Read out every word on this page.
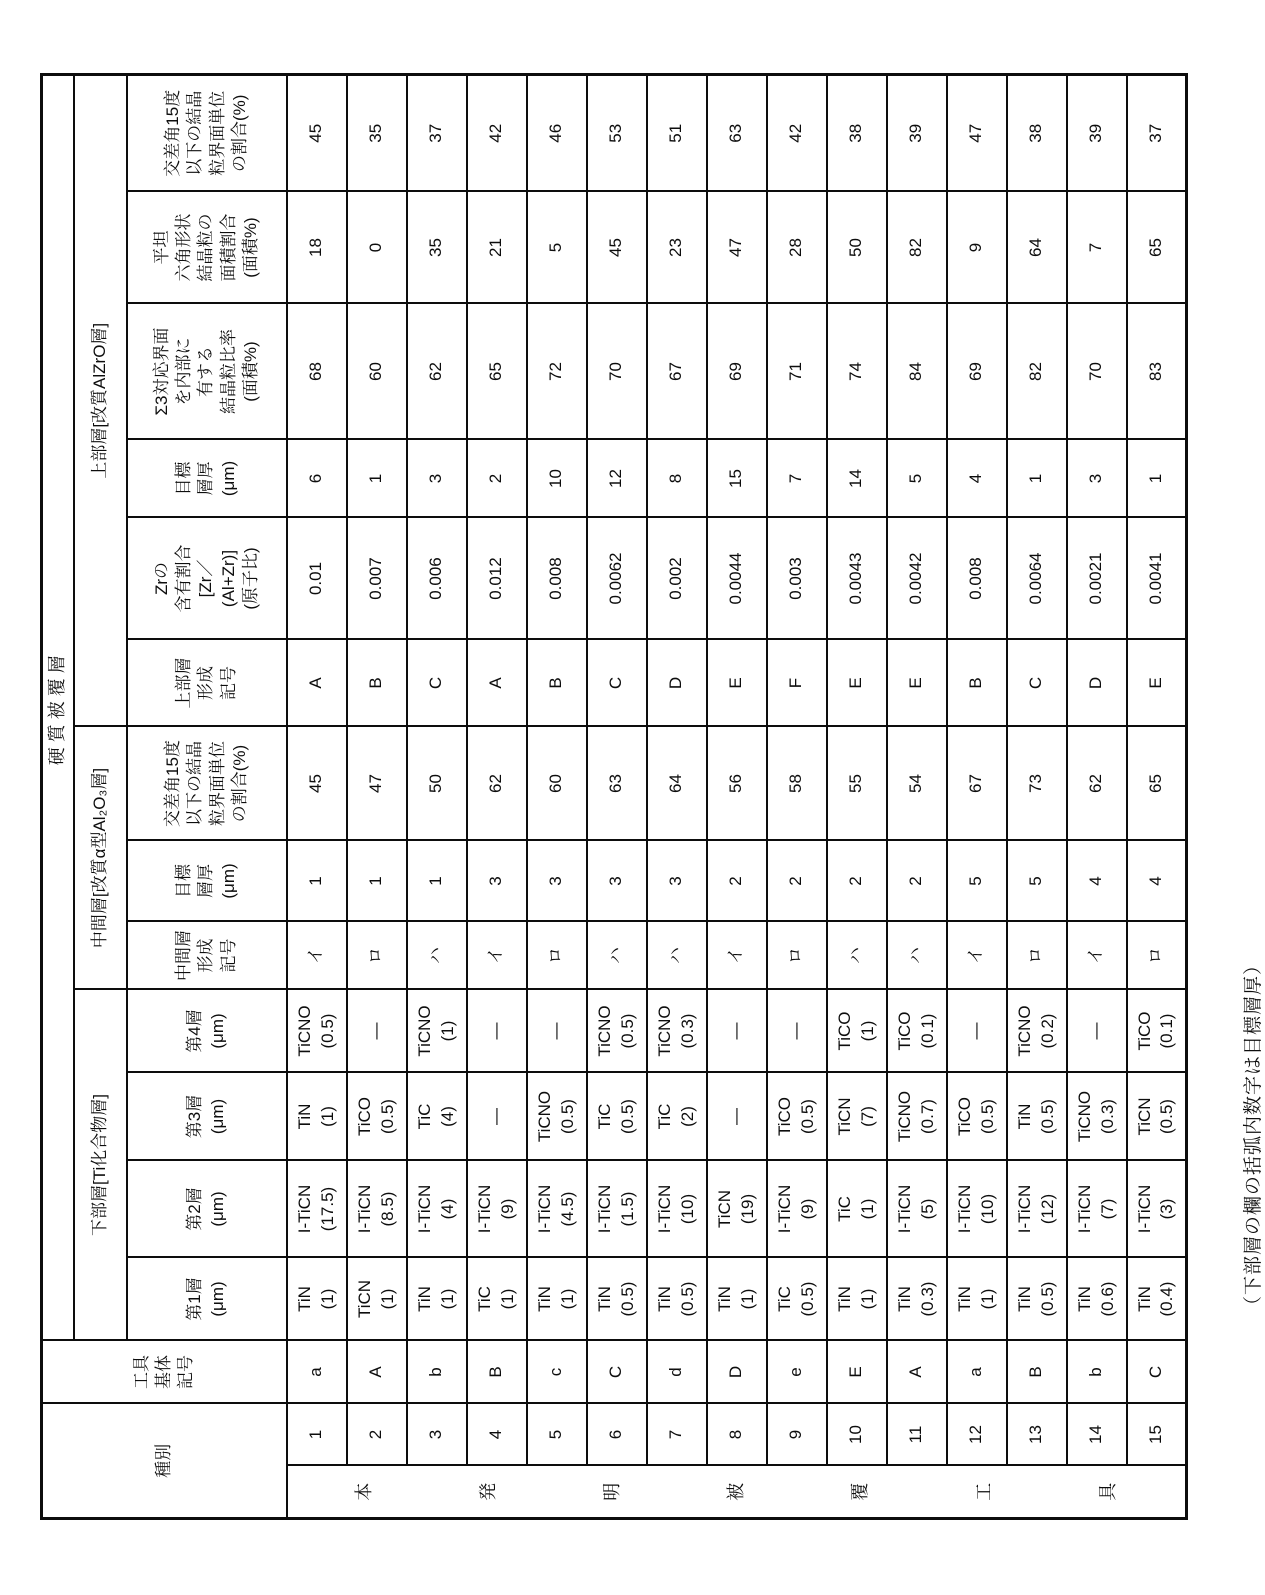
種別		工具
基体
記号	硬質被覆層												
			下部層[Ti化合物層]				中間層[改質α型Al₂O₃層]			上部層[改質AlZrO層]					
			第1層
(μm)	第2層
(μm)	第3層
(μm)	第4層
(μm)	中間層
形成
記号	目標
層厚
(μm)	交差角15度
以下の結晶
粒界面単位
の割合(%)	上部層
形成
記号	Zrの
含有割合
[Zr／
(Al+Zr)]
(原子比)	目標
層厚
(μm)	Σ3対応界面
を内部に
有する
結晶粒比率
(面積%)	平坦
六角形状
結晶粒の
面積割合
(面積%)	交差角15度
以下の結晶
粒界面単位
の割合(%)
本
発
明
被
覆
工
具	1	a	TiN
(1)	I-TiCN
(17.5)	TiN
(1)	TiCNO
(0.5)	イ	1	45	A	0.01	6	68	18	45
	2	A	TiCN
(1)	I-TiCN
(8.5)	TiCO
(0.5)	―	ロ	1	47	B	0.007	1	60	0	35
	3	b	TiN
(1)	I-TiCN
(4)	TiC
(4)	TiCNO
(1)	ハ	1	50	C	0.006	3	62	35	37
	4	B	TiC
(1)	I-TiCN
(9)	―	―	イ	3	62	A	0.012	2	65	21	42
	5	c	TiN
(1)	I-TiCN
(4.5)	TiCNO
(0.5)	―	ロ	3	60	B	0.008	10	72	5	46
	6	C	TiN
(0.5)	I-TiCN
(1.5)	TiC
(0.5)	TiCNO
(0.5)	ハ	3	63	C	0.0062	12	70	45	53
	7	d	TiN
(0.5)	I-TiCN
(10)	TiC
(2)	TiCNO
(0.3)	ハ	3	64	D	0.002	8	67	23	51
	8	D	TiN
(1)	TiCN
(19)	―	―	イ	2	56	E	0.0044	15	69	47	63
	9	e	TiC
(0.5)	I-TiCN
(9)	TiCO
(0.5)	―	ロ	2	58	F	0.003	7	71	28	42
	10	E	TiN
(1)	TiC
(1)	TiCN
(7)	TiCO
(1)	ハ	2	55	E	0.0043	14	74	50	38
	11	A	TiN
(0.3)	I-TiCN
(5)	TiCNO
(0.7)	TiCO
(0.1)	ハ	2	54	E	0.0042	5	84	82	39
	12	a	TiN
(1)	I-TiCN
(10)	TiCO
(0.5)	―	イ	5	67	B	0.008	4	69	9	47
	13	B	TiN
(0.5)	I-TiCN
(12)	TiN
(0.5)	TiCNO
(0.2)	ロ	5	73	C	0.0064	1	82	64	38
	14	b	TiN
(0.6)	I-TiCN
(7)	TiCNO
(0.3)	―	イ	4	62	D	0.0021	3	70	7	39
	15	C	TiN
(0.4)	I-TiCN
(3)	TiCN
(0.5)	TiCO
(0.1)	ロ	4	65	E	0.0041	1	83	65	37
（下部層の欄の括弧内数字は目標層厚）
